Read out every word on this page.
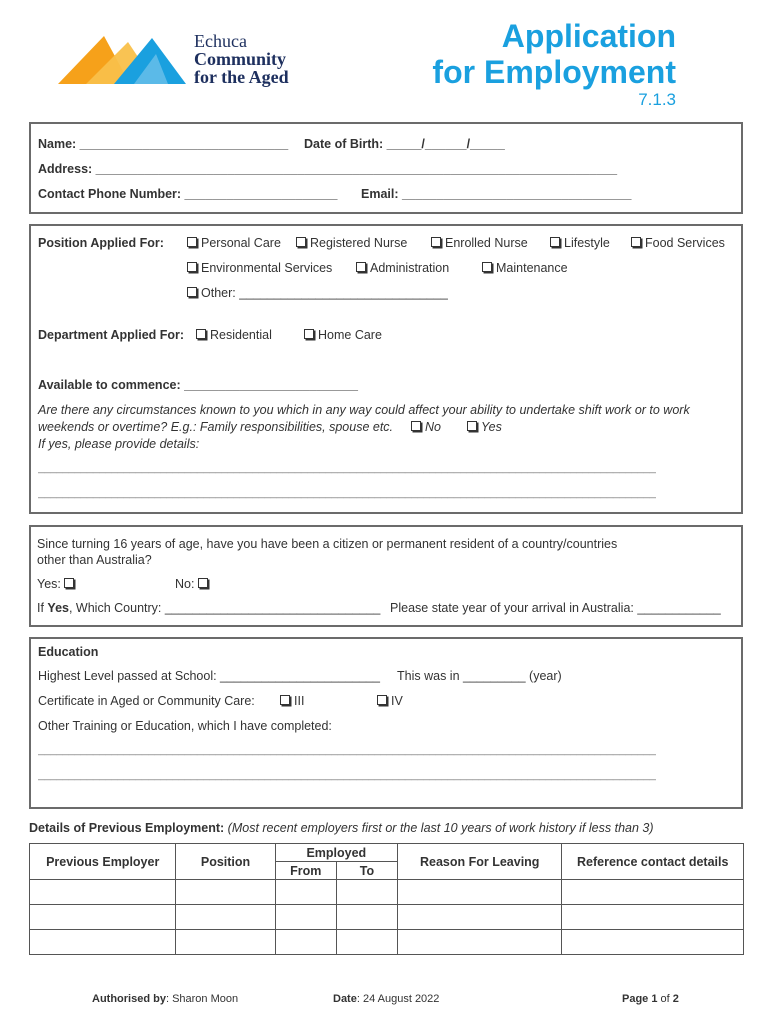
Echuca
Community
for the Aged
Application
for Employment
7.1.3
Name: ______________________________ Date of Birth: _____/______/_____
Address: ___________________________________________________________________________
Contact Phone Number: ______________________ Email: _________________________________
Position Applied For:	Personal Care	Registered Nurse	Enrolled Nurse	Lifestyle	Food Services
Environmental Services	Administration	Maintenance
Other: ______________________________
Department Applied For:	Residential	Home Care
Available to commence: _________________________
Are there any circumstances known to you which in any way could affect your ability to undertake shift work or to work
weekends or overtime? E.g.: Family responsibilities, spouse etc.	No	Yes
If yes, please provide details:
_____________________________________________________________________________________________________
_____________________________________________________________________________________________________
Since turning 16 years of age, have you have been a citizen or permanent resident of a country/countries
other than Australia?
Yes:	No:
If Yes, Which Country: _______________________________ Please state year of your arrival in Australia: ____________
Education
Highest Level passed at School: _______________________ This was in _________ (year)
Certificate in Aged or Community Care:	III	IV
Other Training or Education, which I have completed:
_____________________________________________________________________________________________________
_____________________________________________________________________________________________________
Details of Previous Employment: (Most recent employers first or the last 10 years of work history if less than 3)
Previous Employer	Position	Employed		Reason For Leaving	Reference contact details
		From	To		

Authorised by: Sharon Moon	Date: 24 August 2022	Page 1 of 2
